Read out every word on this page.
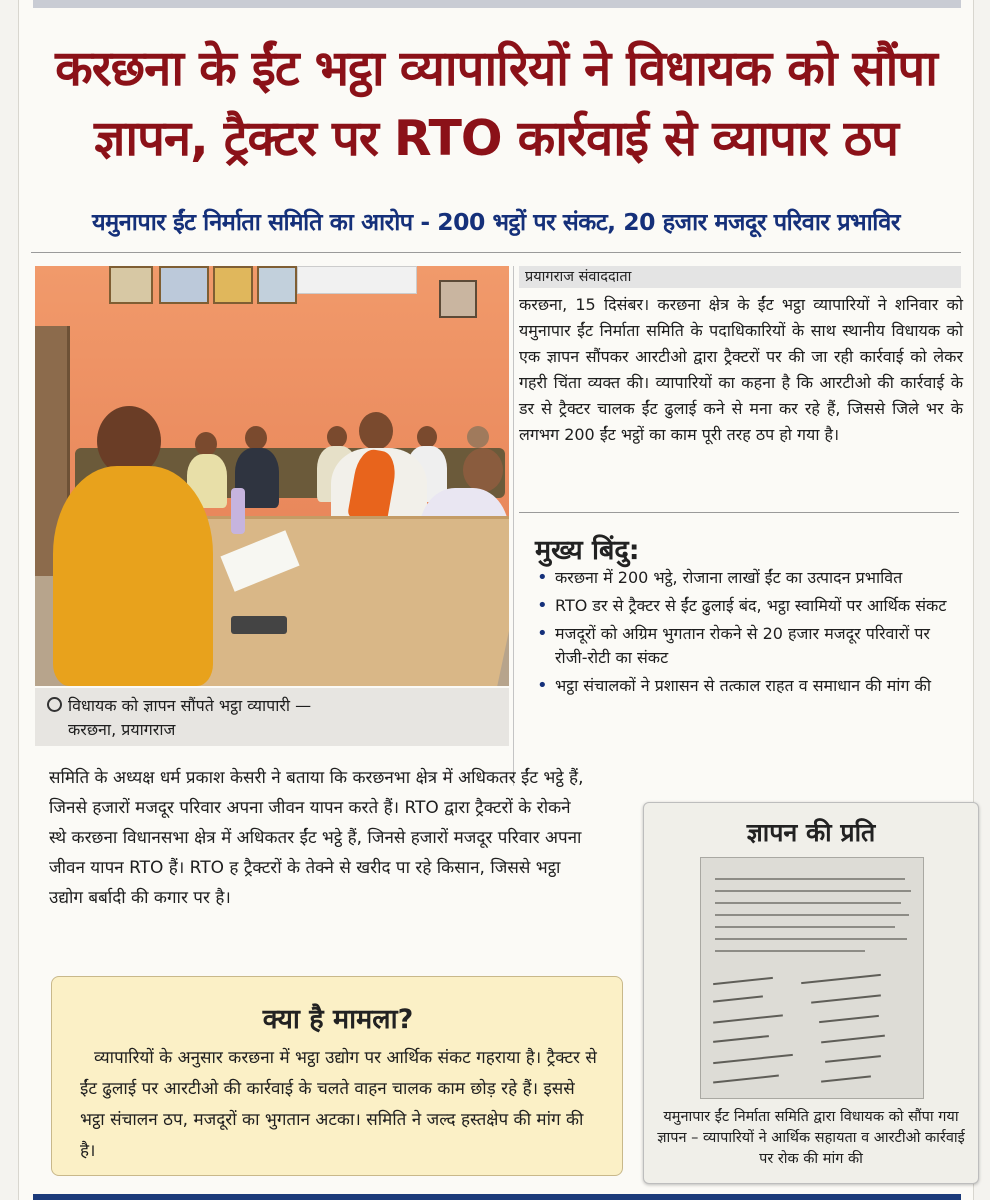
करछना के ईंट भट्ठा व्यापारियों ने विधायक को सौंपा
ज्ञापन, ट्रैक्टर पर RTO कार्रवाई से व्यापार ठप
यमुनापार ईंट निर्माता समिति का आरोप - 200 भट्ठों पर संकट, 20 हजार मजदूर परिवार प्रभाविर
विधायक को ज्ञापन सौंपते भट्ठा व्यापारी —
करछना, प्रयागराज
प्रयागराज संवाददाता
करछना, 15 दिसंबर। करछना क्षेत्र के ईंट भट्ठा व्यापारियों ने शनिवार को यमुनापार ईंट निर्माता समिति के पदाधिकारियों के साथ स्थानीय विधायक को एक ज्ञापन सौंपकर आरटीओ द्वारा ट्रैक्टरों पर की जा रही कार्रवाई को लेकर गहरी चिंता व्यक्त की। व्यापारियों का कहना है कि आरटीओ की कार्रवाई के डर से ट्रैक्टर चालक ईंट ढुलाई कने से मना कर रहे हैं, जिससे जिले भर के लगभग 200 ईंट भट्ठों का काम पूरी तरह ठप हो गया है।
मुख्य बिंदु:
• करछना में 200 भट्ठे, रोजाना लाखों ईंट का उत्पादन प्रभावित
• RTO डर से ट्रैक्टर से ईंट ढुलाई बंद, भट्ठा स्वामियों पर आर्थिक संकट
• मजदूरों को अग्रिम भुगतान रोकने से 20 हजार मजदूर परिवारों पर रोजी-रोटी का संकट
• भट्ठा संचालकों ने प्रशासन से तत्काल राहत व समाधान की मांग की
समिति के अध्यक्ष धर्म प्रकाश केसरी ने बताया कि करछनभा क्षेत्र में अधिकतर ईंट भट्ठे हैं, जिनसे हजारों मजदूर परिवार अपना जीवन यापन करते हैं। RTO द्वारा ट्रैक्टरों के रोकने स्थे करछना विधानसभा क्षेत्र में अधिकतर ईंट भट्ठे हैं, जिनसे हजारों मजदूर परिवार अपना जीवन यापन RTO हैं। RTO ह ट्रैक्टरों के तेक्ने से खरीद पा रहे किसान, जिससे भट्ठा उद्योग बर्बादी की कगार पर है।
क्या है मामला?
व्यापारियों के अनुसार करछना में भट्ठा उद्योग पर आर्थिक संकट गहराया है। ट्रैक्टर से ईंट ढुलाई पर आरटीओ की कार्रवाई के चलते वाहन चालक काम छोड़ रहे हैं। इससे भट्ठा संचालन ठप, मजदूरों का भुगतान अटका। समिति ने जल्द हस्तक्षेप की मांग की है।
ज्ञापन की प्रति
यमुनापार ईंट निर्माता समिति द्वारा विधायक को सौंपा गया ज्ञापन – व्यापारियों ने आर्थिक सहायता व आरटीओ कार्रवाई पर रोक की मांग की
